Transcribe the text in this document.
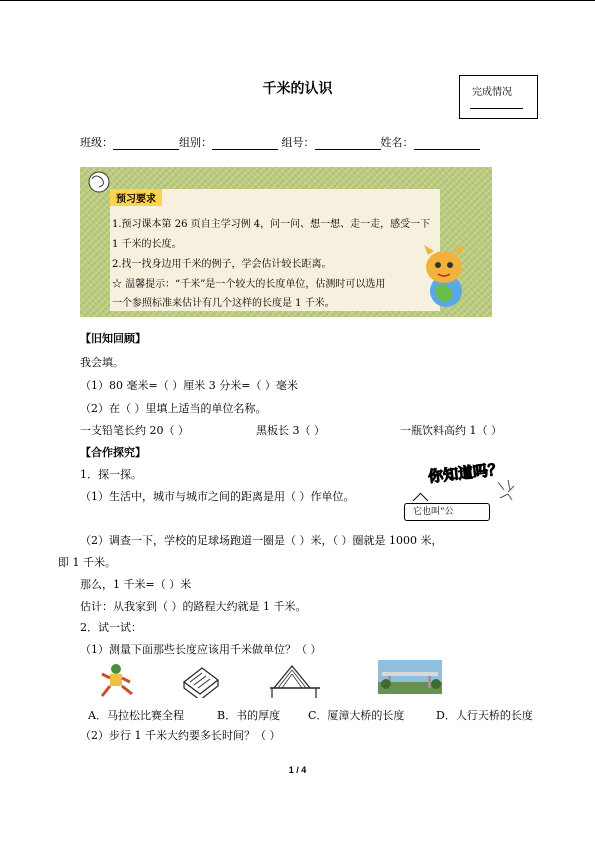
千米的认识	完成情况
班级：	组别：	组号：	姓名：
预习要求
1.预习课本第 26 页自主学习例 4，问一问、想一想、走一走，感受一下
1 千米的长度。
2.找一找身边用千米的例子，学会估计较长距离。
☆ 温馨提示：“千米”是一个较大的长度单位，估测时可以选用
一个参照标准来估计有几个这样的长度是 1 千米。
【旧知回顾】
我会填。
（1）80 毫米=（ ）厘米 3 分米=（ ）毫米
（2）在（ ）里填上适当的单位名称。
一支铅笔长约 20（ ）	黑板长 3（ ）	一瓶饮料高约 1（ ）
【合作探究】
1．探一探。
（1）生活中，城市与城市之间的距离是用（ ）作单位。
你知道吗？
它也叫“公
（2）调查一下，学校的足球场跑道一圈是（ ）米，（ ）圈就是 1000 米，
即 1 千米。
那么，1 千米=（ ）米
估计：从我家到（ ）的路程大约就是 1 千米。
2．试一试：
（1）测量下面那些长度应该用千米做单位？（ ）
A．马拉松比赛全程	B．书的厚度	C．厦漳大桥的长度	D．人行天桥的长度
（2）步行 1 千米大约要多长时间？（ ）
1 / 4
